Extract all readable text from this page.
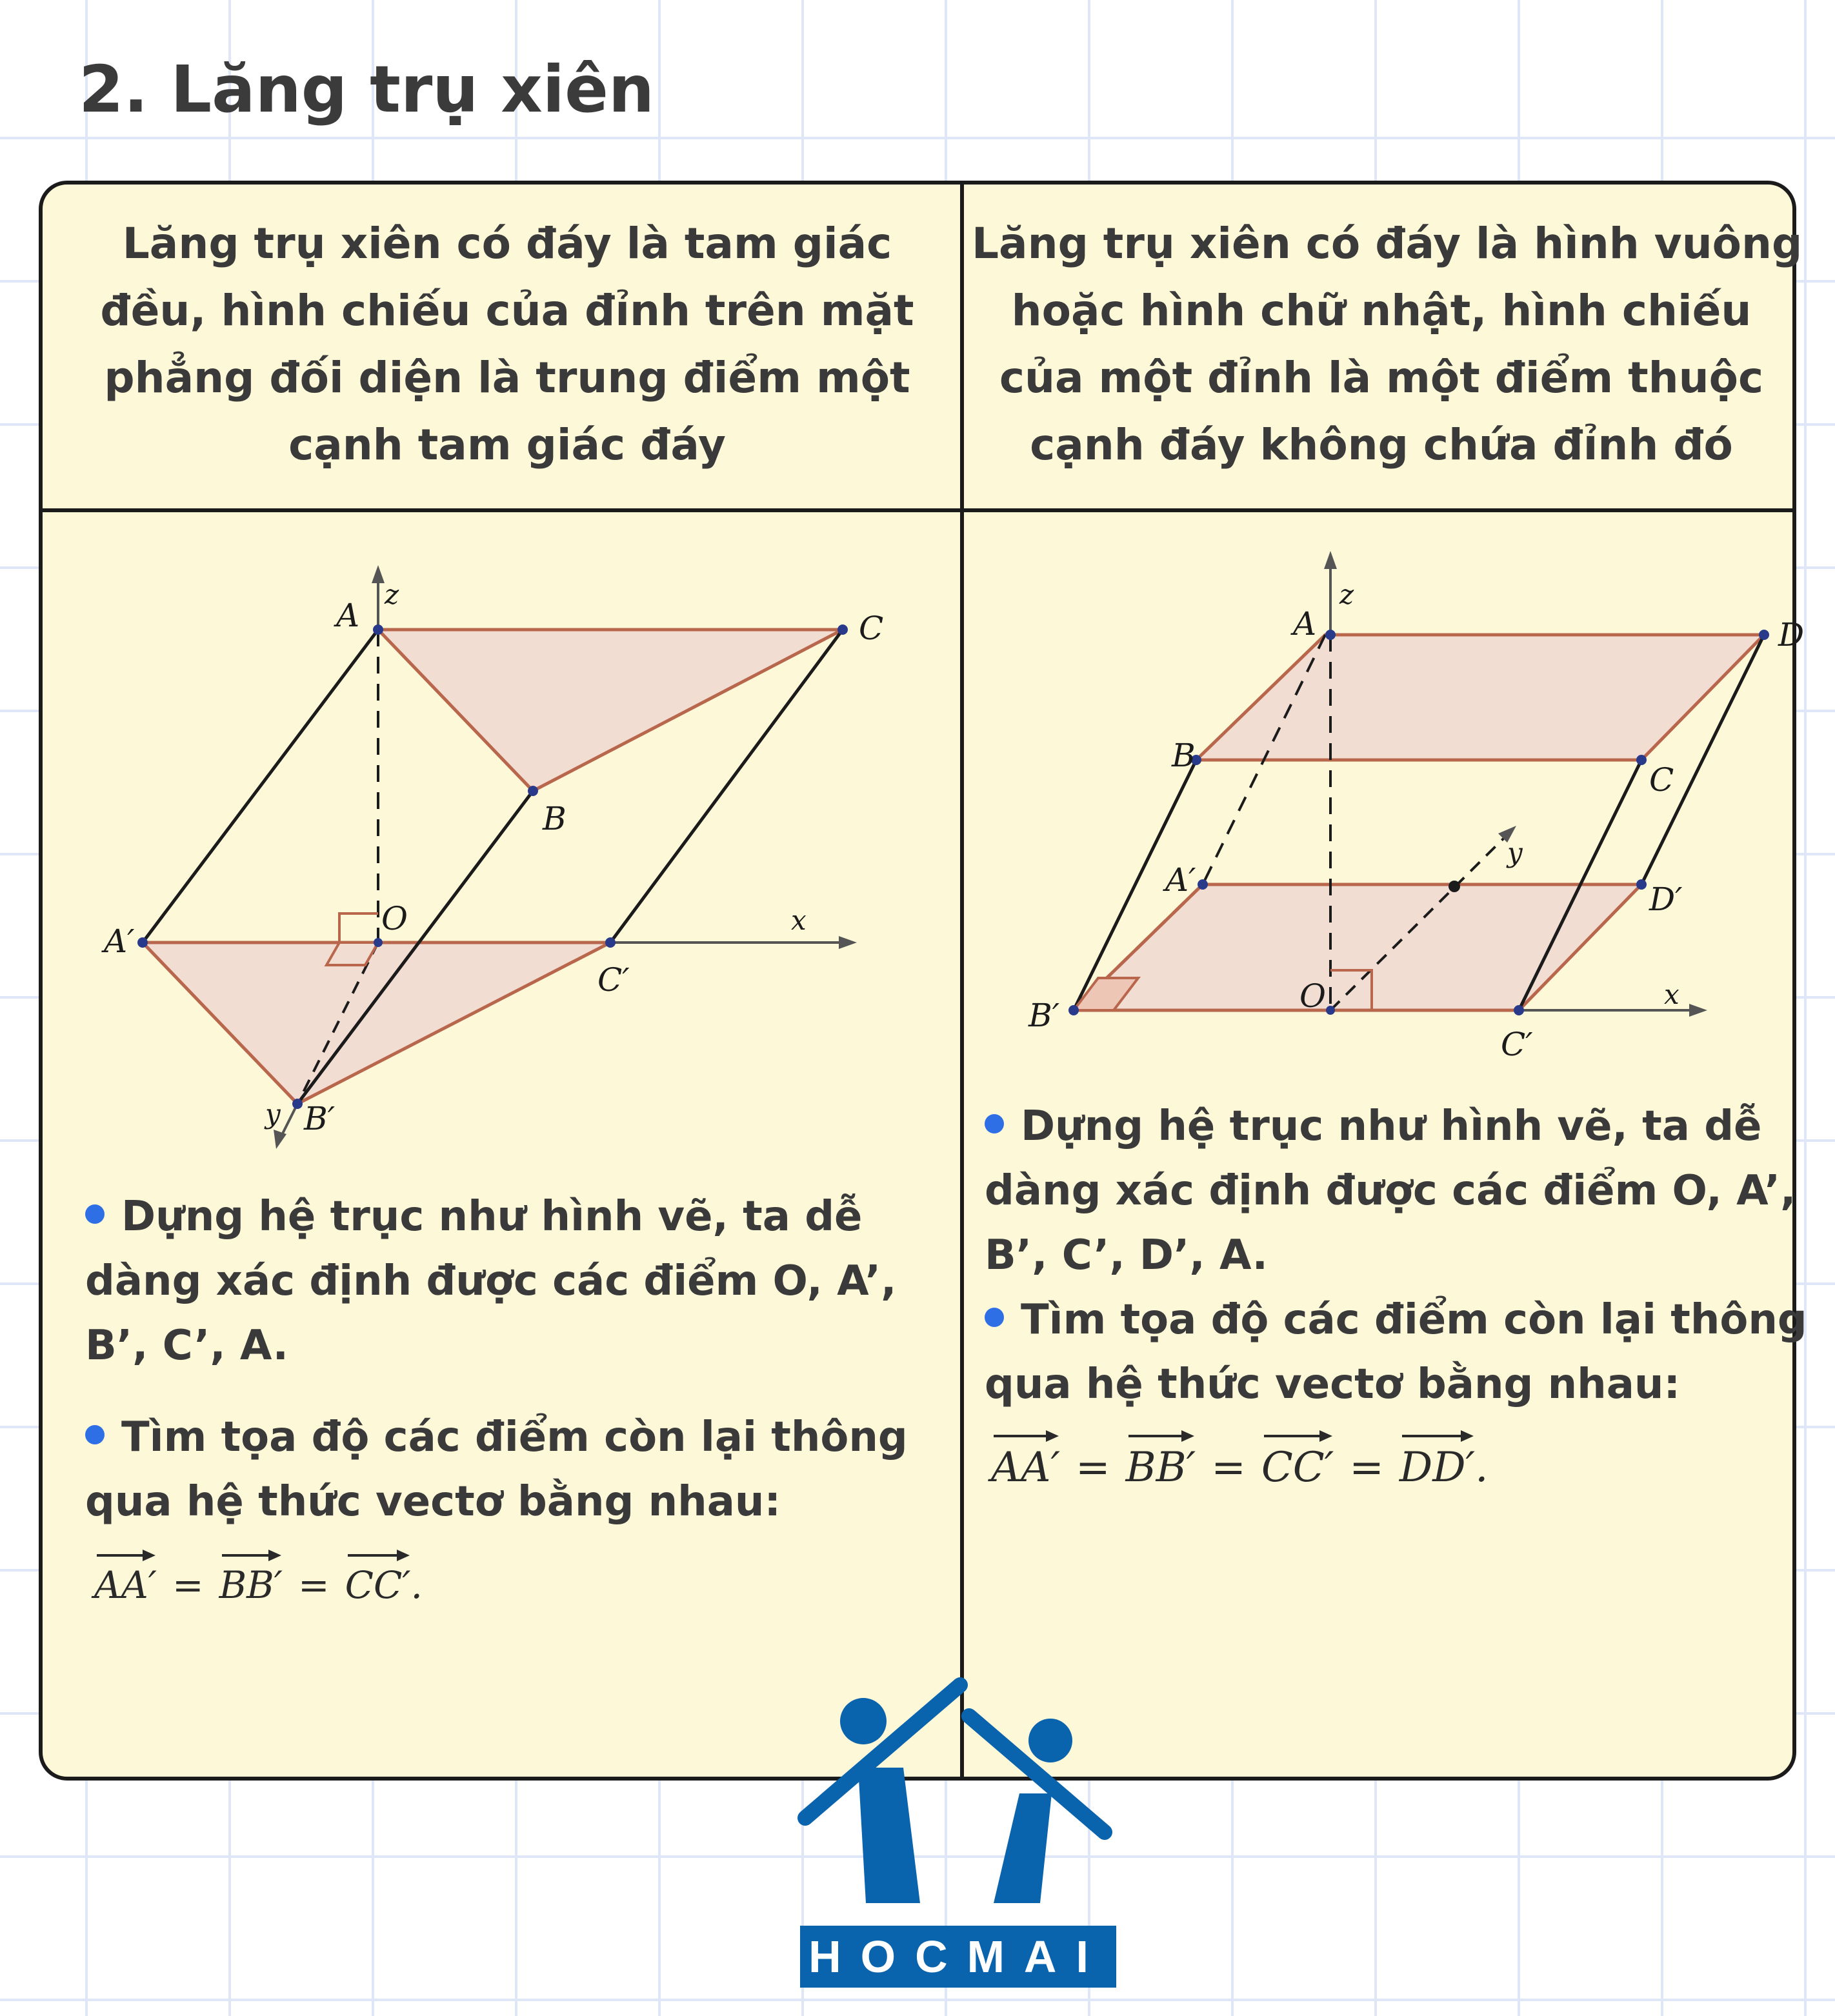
2. Lăng trụ xiên
Lăng trụ xiên có đáy là tam giác
đều, hình chiếu của đỉnh trên mặt
phẳng đối diện là trung điểm một
cạnh tam giác đáy
Lăng trụ xiên có đáy là hình vuông
hoặc hình chữ nhật, hình chiếu
của một đỉnh là một điểm thuộc
cạnh đáy không chứa đỉnh đó
A	C
B
A′
O
C′
B′
x
y
z
A	D
B
C
A′
D′
B′
O
C′
x
y
z

Dựng hệ trục như hình vẽ, ta dễ
dàng xác định được các điểm O, A’,
B’, C’, A.

Tìm tọa độ các điểm còn lại thông
qua hệ thức vectơ bằng nhau:

AA′ = BB′ = CC′.

Dựng hệ trục như hình vẽ, ta dễ
dàng xác định được các điểm O, A’,
B’, C’, D’, A.

Tìm tọa độ các điểm còn lại thông
qua hệ thức vectơ bằng nhau:

AA′ = BB′ = CC′ = DD′.
HOCMAI
